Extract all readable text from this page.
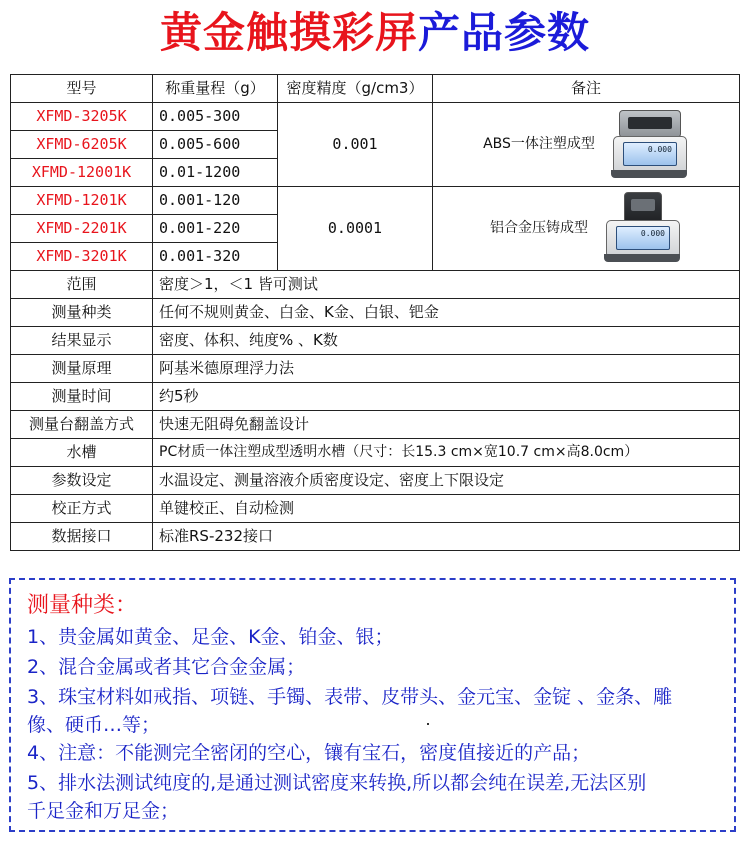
黄金触摸彩屏产品参数
型号	称重量程（g）	密度精度（g/cm3）	备注
XFMD-3205K	0.005-300	0.001	ABS一体注塑成型 0.000

XFMD-6205K	0.005-600		
XFMD-12001K	0.01-1200		
XFMD-1201K	0.001-120	0.0001	铝合金压铸成型 0.000

XFMD-2201K	0.001-220		
XFMD-3201K	0.001-320		
范围	密度＞1，＜1 皆可测试		
测量种类	任何不规则黄金、白金、K金、白银、钯金		
结果显示	密度、体积、纯度% 、K数		
测量原理	阿基米德原理浮力法		
测量时间	约5秒		
测量台翻盖方式	快速无阻碍免翻盖设计		
水槽	PC材质一体注塑成型透明水槽（尺寸：长15.3 cm×宽10.7 cm×高8.0cm）		
参数设定	水温设定、测量溶液介质密度设定、密度上下限设定		
校正方式	单键校正、自动检测		
数据接口	标准RS-232接口		
测量种类：
1、贵金属如黄金、足金、K金、铂金、银；
2、混合金属或者其它合金金属；
3、珠宝材料如戒指、项链、手镯、表带、皮带头、金元宝、金锭 、金条、雕
像、硬币…等；
4、注意：不能测完全密闭的空心，镶有宝石，密度值接近的产品；
5、排水法测试纯度的,是通过测试密度来转换,所以都会纯在误差,无法区别
千足金和万足金；
